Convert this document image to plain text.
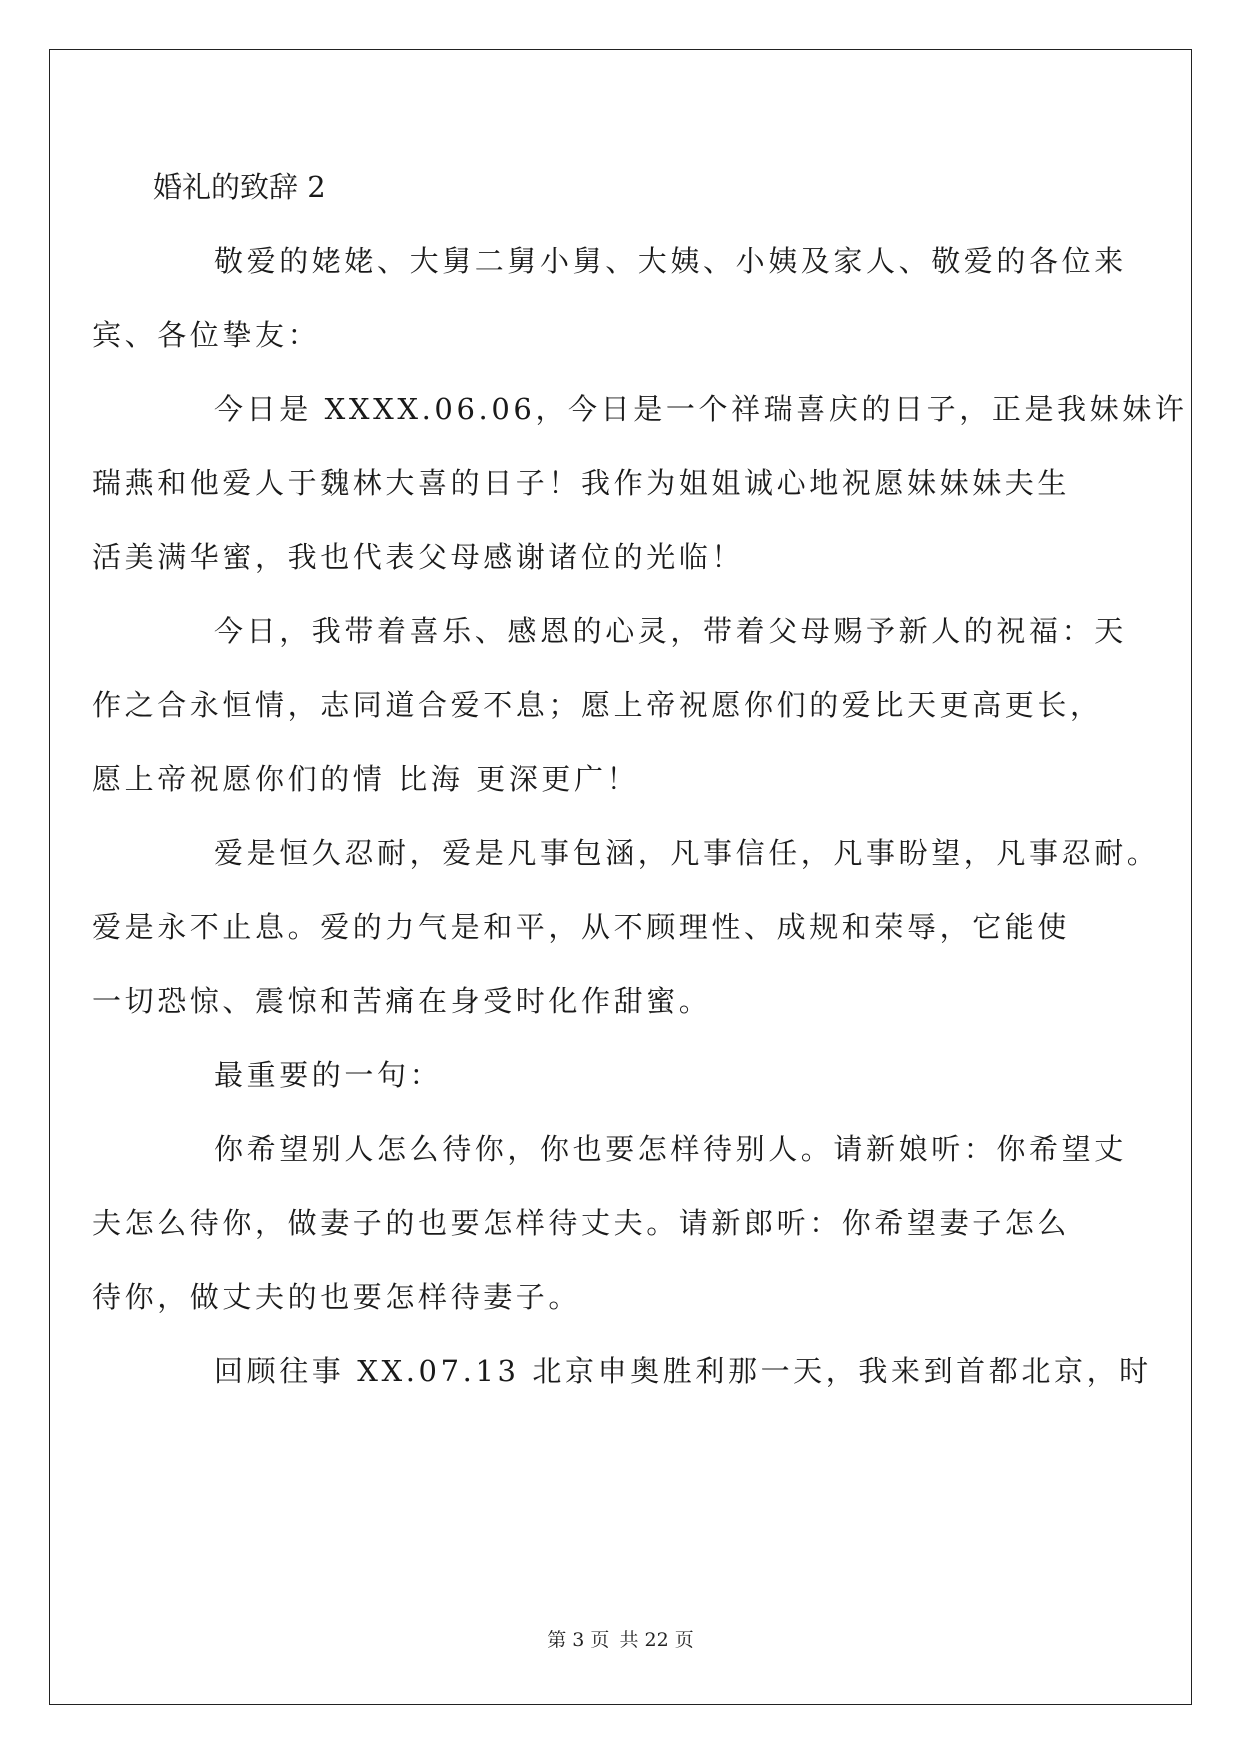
婚礼的致辞 2

敬爱的姥姥、大舅二舅小舅、大姨、小姨及家人、敬爱的各位来
宾、各位挚友：

今日是 XXXX.06.06，今日是一个祥瑞喜庆的日子，正是我妹妹许
瑞燕和他爱人于魏林大喜的日子！我作为姐姐诚心地祝愿妹妹妹夫生
活美满华蜜，我也代表父母感谢诸位的光临！

今日，我带着喜乐、感恩的心灵，带着父母赐予新人的祝福：天
作之合永恒情，志同道合爱不息；愿上帝祝愿你们的爱比天更高更长，
愿上帝祝愿你们的情 比海 更深更广！

爱是恒久忍耐，爱是凡事包涵，凡事信任，凡事盼望，凡事忍耐。
爱是永不止息。爱的力气是和平，从不顾理性、成规和荣辱，它能使
一切恐惊、震惊和苦痛在身受时化作甜蜜。

最重要的一句：

你希望别人怎么待你，你也要怎样待别人。请新娘听：你希望丈
夫怎么待你，做妻子的也要怎样待丈夫。请新郎听：你希望妻子怎么
待你，做丈夫的也要怎样待妻子。

回顾往事 XX.07.13 北京申奥胜利那一天，我来到首都北京，时

第 3 页 共 22 页
